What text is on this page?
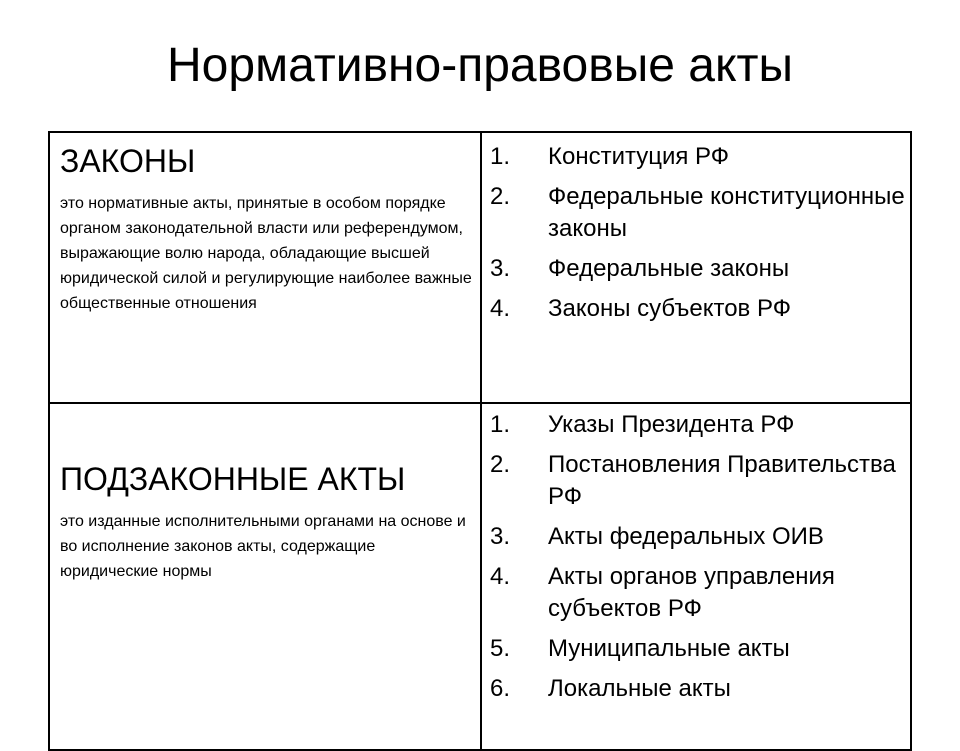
Нормативно-правовые акты
ЗАКОНЫ

это нормативные акты, принятые в особом порядке органом законодательной власти или референдумом, выражающие волю народа, обладающие высшей юридической силой и регулирующие наиболее важные общественные отношения

1.	Конституция РФ
2.	Федеральные конституционные законы
3.	Федеральные законы
4.	Законы субъектов РФ
ПОДЗАКОННЫЕ АКТЫ

это изданные исполнительными органами на основе и во исполнение законов акты, содержащие юридические нормы

1.	Указы Президента РФ
2.	Постановления Правительства РФ
3.	Акты федеральных ОИВ
4.	Акты органов управления субъектов РФ
5.	Муниципальные акты
6.	Локальные акты
